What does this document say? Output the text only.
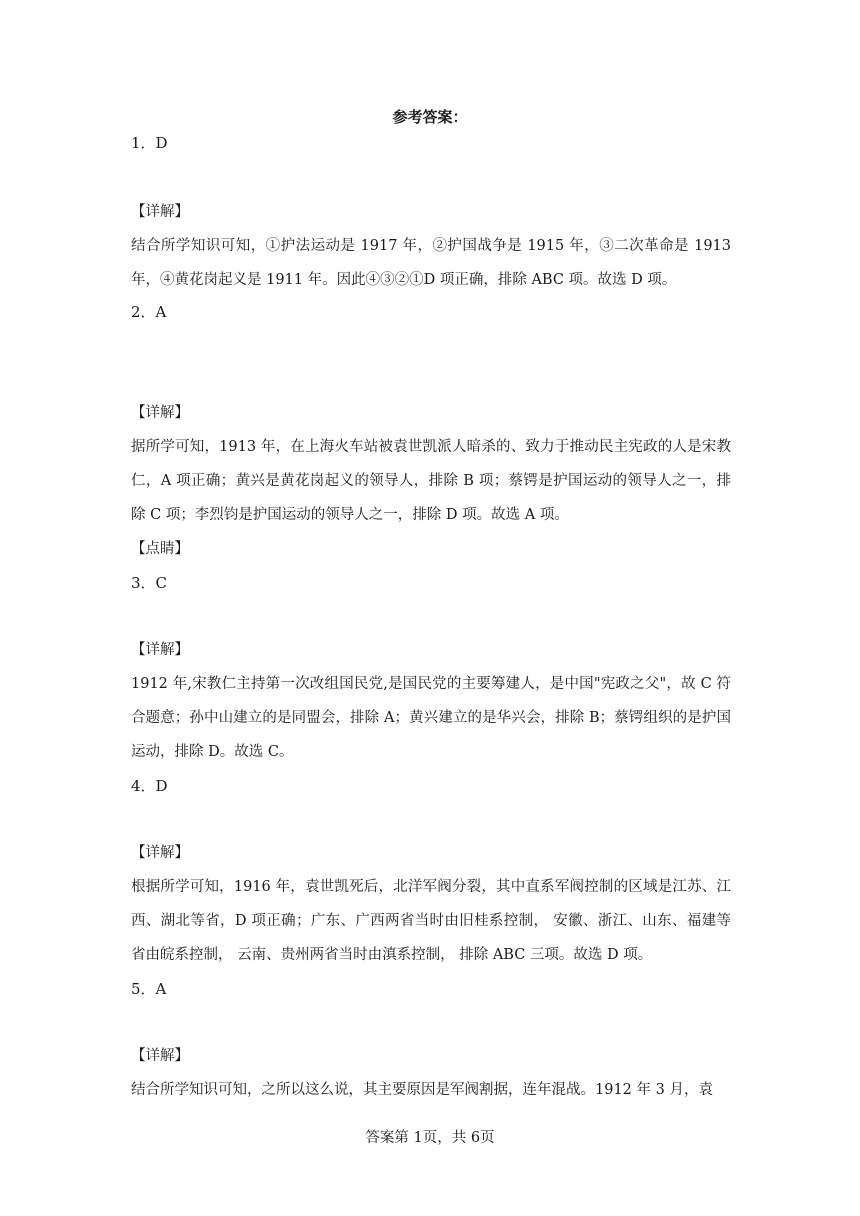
参考答案：
1．D
【详解】
结合所学知识可知，①护法运动是 1917 年，②护国战争是 1915 年，③二次革命是 1913 年，④黄花岗起义是 1911 年。因此④③②①D 项正确，排除 ABC 项。故选 D 项。
2．A
【详解】
据所学可知，1913 年，在上海火车站被袁世凯派人暗杀的、致力于推动民主宪政的人是宋教仁，A 项正确；黄兴是黄花岗起义的领导人，排除 B 项；蔡锷是护国运动的领导人之一，排除 C 项；李烈钧是护国运动的领导人之一，排除 D 项。故选 A 项。
【点睛】
3．C
【详解】
1912 年,宋教仁主持第一次改组国民党,是国民党的主要筹建人，是中国"宪政之父"，故 C 符合题意；孙中山建立的是同盟会，排除 A；黄兴建立的是华兴会，排除 B；蔡锷组织的是护国运动，排除 D。故选 C。
4．D
【详解】
根据所学可知，1916 年，袁世凯死后，北洋军阀分裂，其中直系军阀控制的区域是江苏、江西、湖北等省，D 项正确；广东、广西两省当时由旧桂系控制， 安徽、浙江、山东、福建等省由皖系控制， 云南、贵州两省当时由滇系控制， 排除 ABC 三项。故选 D 项。
5．A
【详解】
结合所学知识可知，之所以这么说，其主要原因是军阀割据，连年混战。1912 年 3 月，袁
答案第 1页，共 6页
